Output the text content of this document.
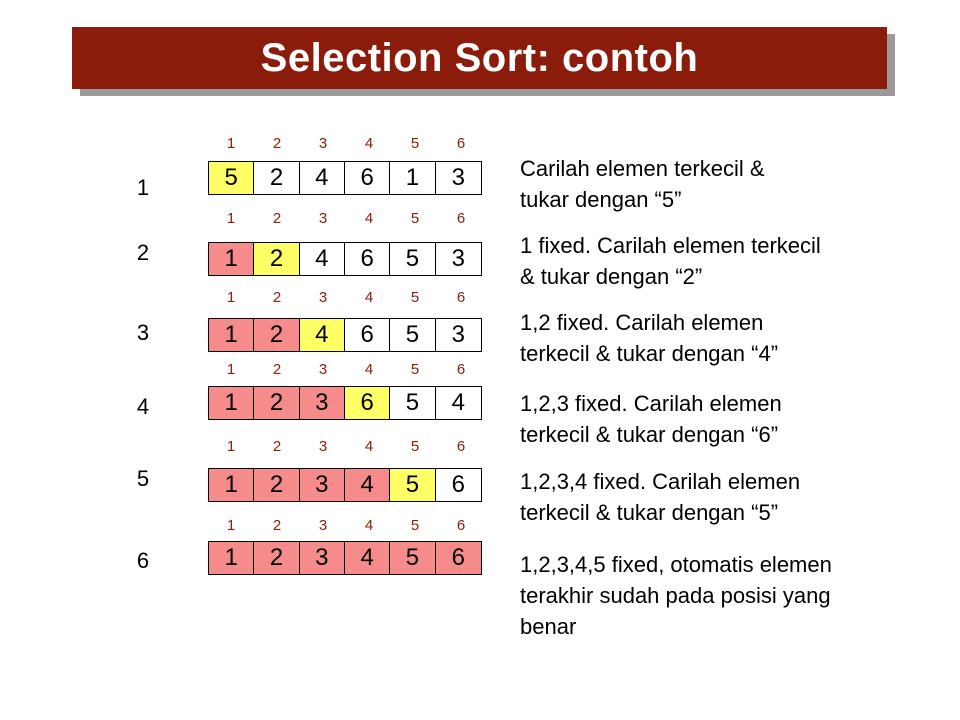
Selection Sort: contoh
1
1	2	3	4	5	6
5	2	4	6	1	3	Carilah elemen terkecil &
tukar dengan “5”
2
1	2	3	4	5	6
1	2	4	6	5	3	1 fixed. Carilah elemen terkecil
& tukar dengan “2”
3
1	2	3	4	5	6
1	2	4	6	5	3	1,2 fixed. Carilah elemen
terkecil & tukar dengan “4”
4
1	2	3	4	5	6
1	2	3	6	5	4	1,2,3 fixed. Carilah elemen
terkecil & tukar dengan “6”
5
1	2	3	4	5	6
1	2	3	4	5	6	1,2,3,4 fixed. Carilah elemen
terkecil & tukar dengan “5”
6
1	2	3	4	5	6
1	2	3	4	5	6	1,2,3,4,5 fixed, otomatis elemen
terakhir sudah pada posisi yang
benar
